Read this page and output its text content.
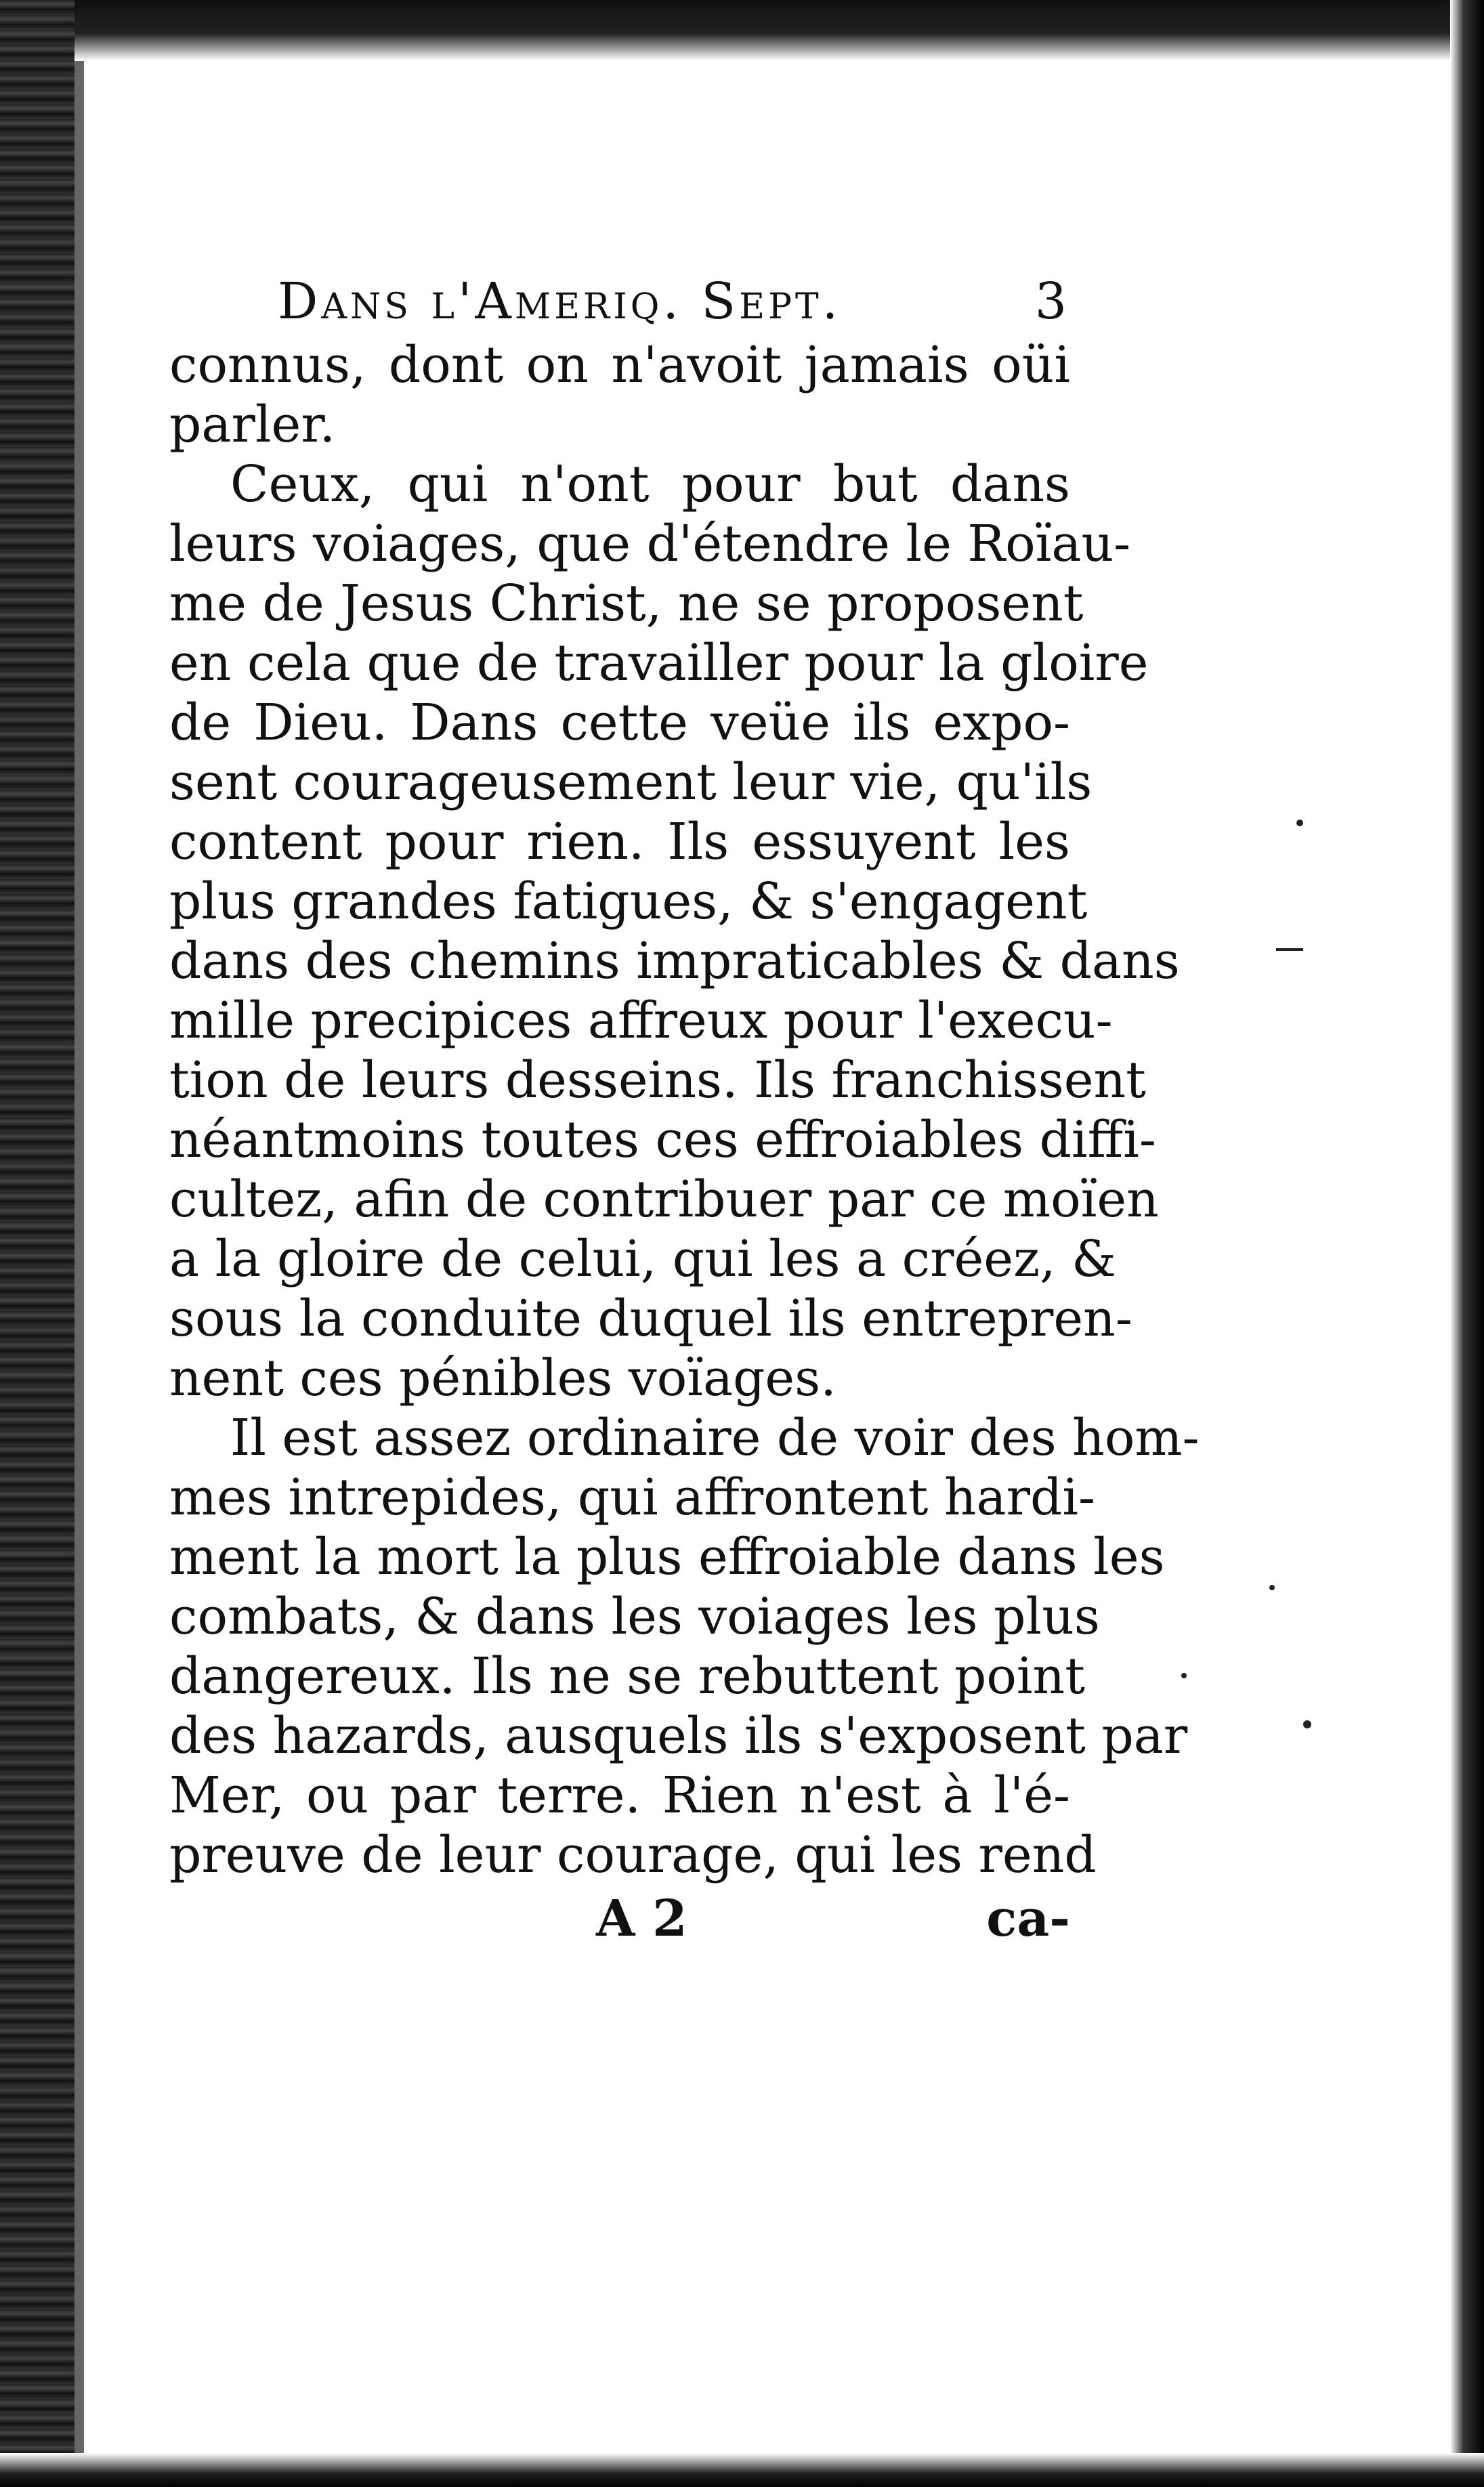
Dans l'Ameriq. Sept.	3
connus, dont on n'avoit jamais oüi
parler.
Ceux, qui n'ont pour but dans
leurs voiages, que d'étendre le Roïau-
me de Jesus Christ, ne se proposent
en cela que de travailler pour la gloire
de Dieu. Dans cette veüe ils expo-
sent courageusement leur vie, qu'ils
content pour rien. Ils essuyent les
plus grandes fatigues, & s'engagent
dans des chemins impraticables & dans
mille precipices affreux pour l'execu-
tion de leurs desseins. Ils franchissent
néantmoins toutes ces effroiables diffi-
cultez, afin de contribuer par ce moïen
a la gloire de celui, qui les a créez, &
sous la conduite duquel ils entrepren-
nent ces pénibles voïages.
Il est assez ordinaire de voir des hom-
mes intrepides, qui affrontent hardi-
ment la mort la plus effroiable dans les
combats, & dans les voiages les plus
dangereux. Ils ne se rebuttent point
des hazards, ausquels ils s'exposent par
Mer, ou par terre. Rien n'est à l'é-
preuve de leur courage, qui les rend
A 2	ca-
